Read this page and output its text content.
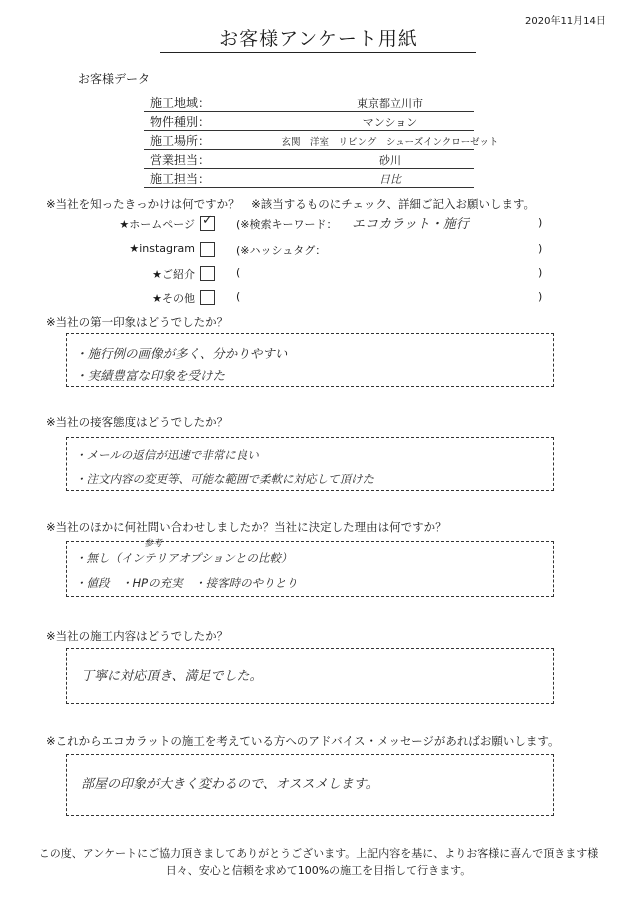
2020年11月14日
お客様アンケート用紙
お客様データ
施工地域：	東京都立川市
物件種別：	マンション
施工場所：	玄関　洋室　リビング　シューズインクローゼット
営業担当：	砂川
施工担当：	日比
※当社を知ったきっかけは何ですか？　※該当するものにチェック、詳細ご記入お願いします。
★ホームページ ✓ (※検索キーワード： エコカラット・施行	)
★instagram	(※ハッシュタグ：	)
★ご紹介	(	)
★その他	(	)
※当社の第一印象はどうでしたか？
・施行例の画像が多く、分かりやすい
・実績豊富な印象を受けた
※当社の接客態度はどうでしたか？
・メールの返信が迅速で非常に良い
・注文内容の変更等、可能な範囲で柔軟に対応して頂けた
※当社のほかに何社問い合わせしましたか？当社に決定した理由は何ですか？
参考
・無し（インテリアオプションとの比較）
・値段　・HPの充実　・接客時のやりとり
※当社の施工内容はどうでしたか？
丁寧に対応頂き、満足でした。
※これからエコカラットの施工を考えている方へのアドバイス・メッセージがあればお願いします。
部屋の印象が大きく変わるので、オススメします。
この度、アンケートにご協力頂きましてありがとうございます。上記内容を基に、よりお客様に喜んで頂きます様
日々、安心と信頼を求めて100%の施工を目指して行きます。
